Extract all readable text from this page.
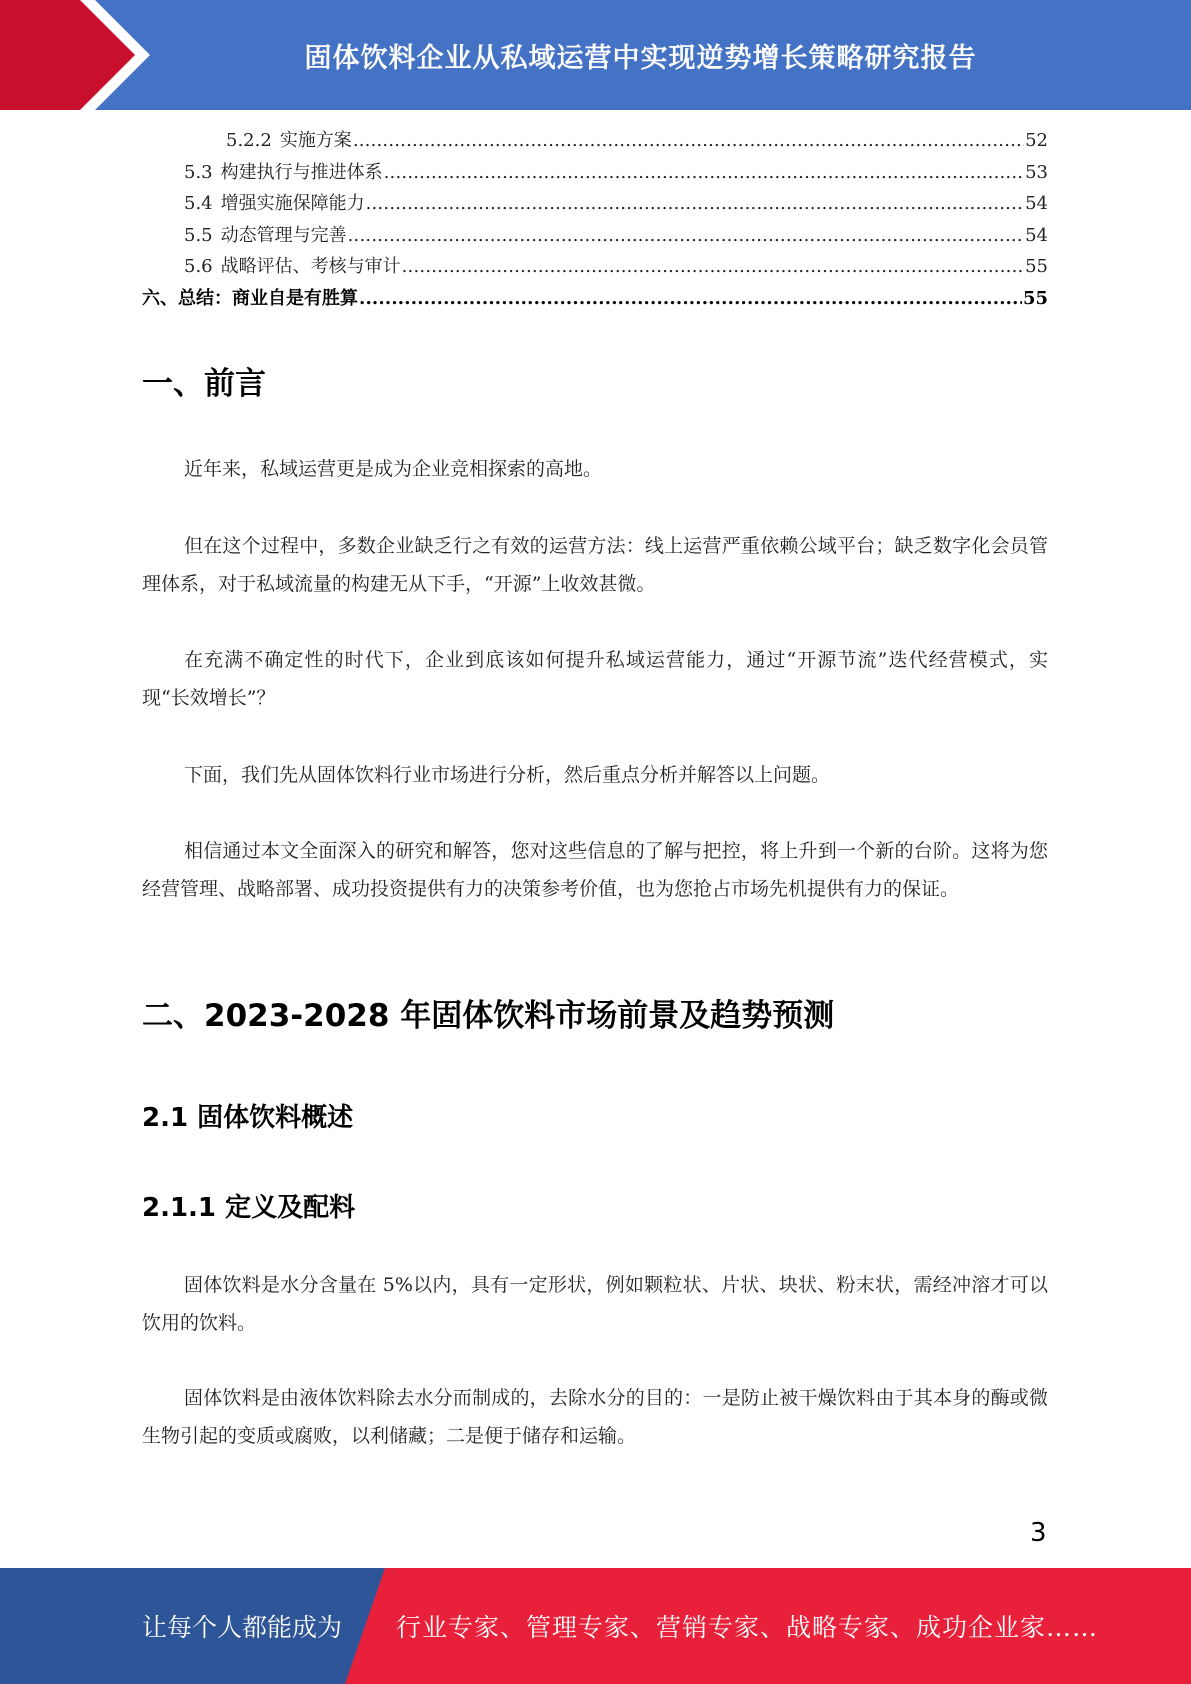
固体饮料企业从私域运营中实现逆势增长策略研究报告
5.2.2 实施方案 .....	52
5.3 构建执行与推进体系 .....	53
5.4 增强实施保障能力 .....	54
5.5 动态管理与完善 .....	54
5.6 战略评估、考核与审计 .....	55
六、总结：商业自是有胜算 .....	55
一、前言

近年来，私域运营更是成为企业竞相探索的高地。

但在这个过程中，多数企业缺乏行之有效的运营方法：线上运营严重依赖公域平台；缺乏数字化会员管理体系，对于私域流量的构建无从下手，“开源”上收效甚微。

在充满不确定性的时代下，企业到底该如何提升私域运营能力，通过“开源节流”迭代经营模式，实现“长效增长”？

下面，我们先从固体饮料行业市场进行分析，然后重点分析并解答以上问题。

相信通过本文全面深入的研究和解答，您对这些信息的了解与把控，将上升到一个新的台阶。这将为您经营管理、战略部署、成功投资提供有力的决策参考价值，也为您抢占市场先机提供有力的保证。

二、2023-2028 年固体饮料市场前景及趋势预测
2.1 固体饮料概述
2.1.1 定义及配料

固体饮料是水分含量在 5%以内，具有一定形状，例如颗粒状、片状、块状、粉末状，需经冲溶才可以饮用的饮料。

固体饮料是由液体饮料除去水分而制成的，去除水分的目的：一是防止被干燥饮料由于其本身的酶或微生物引起的变质或腐败，以利储藏；二是便于储存和运输。

3
让每个人都能成为 行业专家、管理专家、营销专家、战略专家、成功企业家……
